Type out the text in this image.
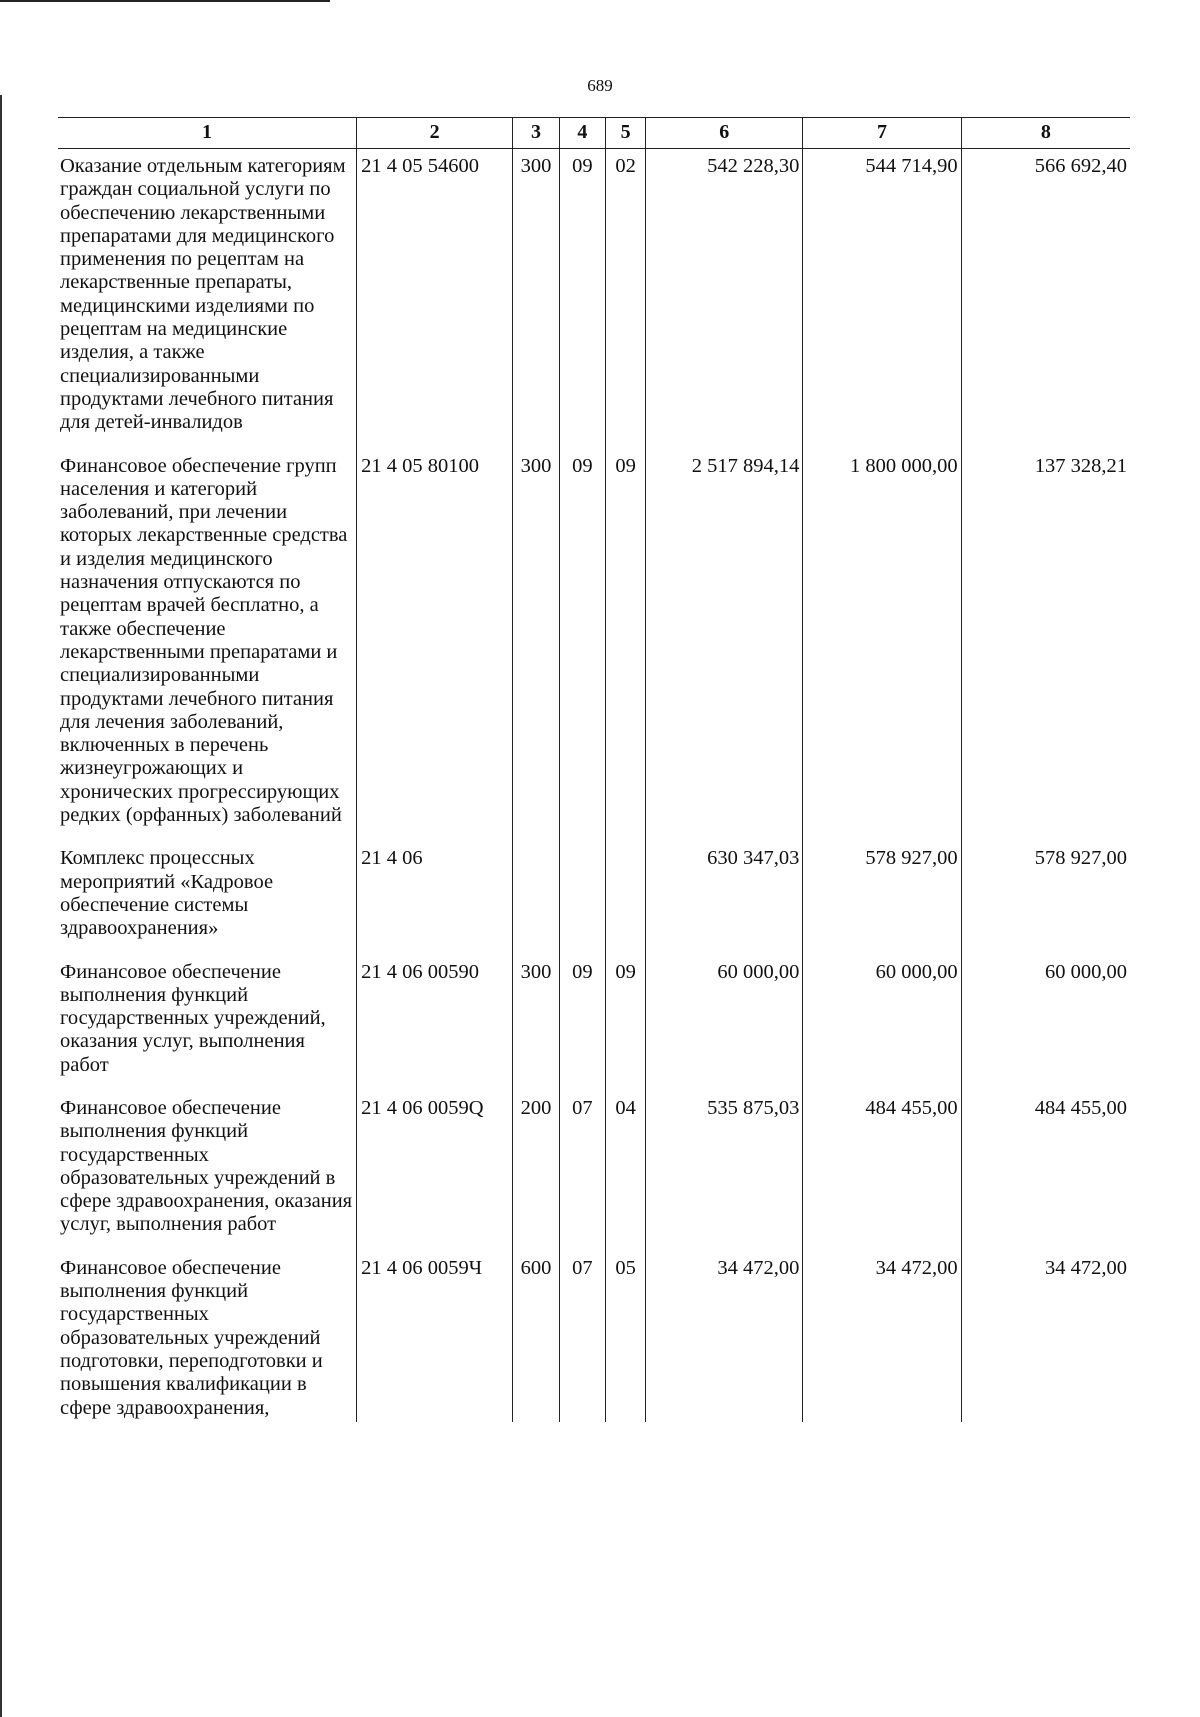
689
1	2	3	4	5	6	7	8
Оказание отдельным категориям граждан социальной услуги по обеспечению лекарственными препаратами для медицинского применения по рецептам на лекарственные препараты, медицинскими изделиями по рецептам на медицинские изделия, а также специализированными продуктами лечебного питания для детей-инвалидов	21 4 05 54600	300	09	02	542 228,30	544 714,90	566 692,40
Финансовое обеспечение групп населения и категорий заболеваний, при лечении которых лекарственные средства и изделия медицинского назначения отпускаются по рецептам врачей бесплатно, а также обеспечение лекарственными препаратами и специализированными продуктами лечебного питания для лечения заболеваний, включенных в перечень жизнеугрожающих и хронических прогрессирующих редких (орфанных) заболеваний	21 4 05 80100	300	09	09	2 517 894,14	1 800 000,00	137 328,21
Комплекс процессных мероприятий «Кадровое обеспечение системы здравоохранения»	21 4 06				630 347,03	578 927,00	578 927,00
Финансовое обеспечение выполнения функций государственных учреждений, оказания услуг, выполнения работ	21 4 06 00590	300	09	09	60 000,00	60 000,00	60 000,00
Финансовое обеспечение выполнения функций государственных образовательных учреждений в сфере здравоохранения, оказания услуг, выполнения работ	21 4 06 0059Q	200	07	04	535 875,03	484 455,00	484 455,00
Финансовое обеспечение выполнения функций государственных образовательных учреждений подготовки, переподготовки и повышения квалификации в сфере здравоохранения,	21 4 06 0059Ч	600	07	05	34 472,00	34 472,00	34 472,00
